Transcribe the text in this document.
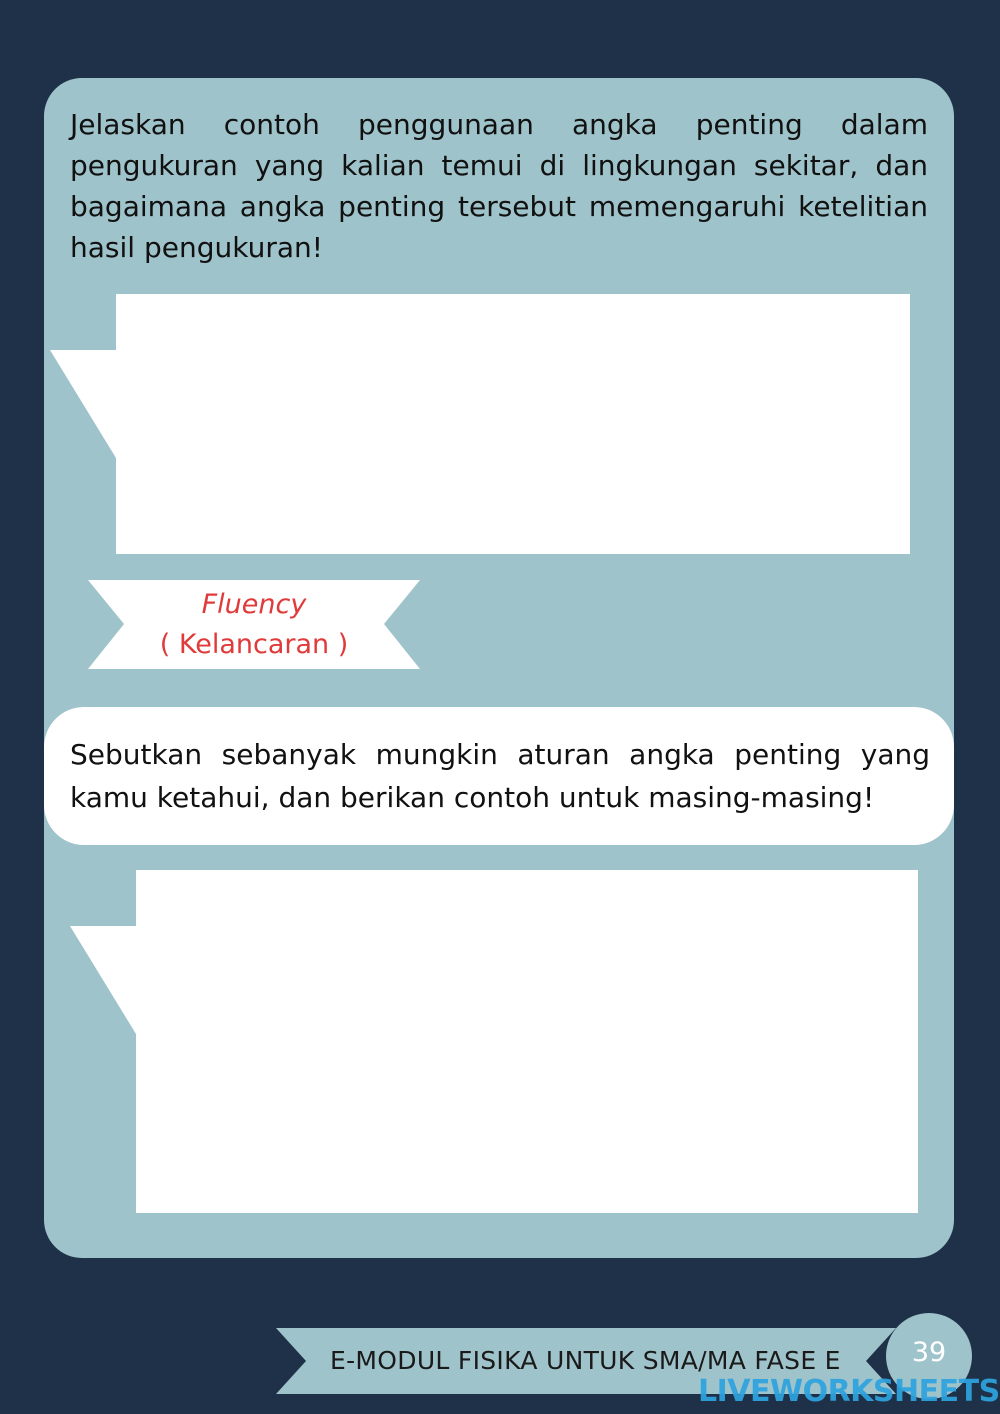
Jelaskan contoh penggunaan angka penting dalam pengukuran yang kalian temui di lingkungan sekitar, dan bagaimana angka penting tersebut memengaruhi ketelitian hasil pengukuran!

Fluency
( Kelancaran )

Sebutkan sebanyak mungkin aturan angka penting yang kamu ketahui, dan berikan contoh untuk masing-masing!

E-MODUL FISIKA UNTUK SMA/MA FASE E	39
LIVEWORKSHEETS
